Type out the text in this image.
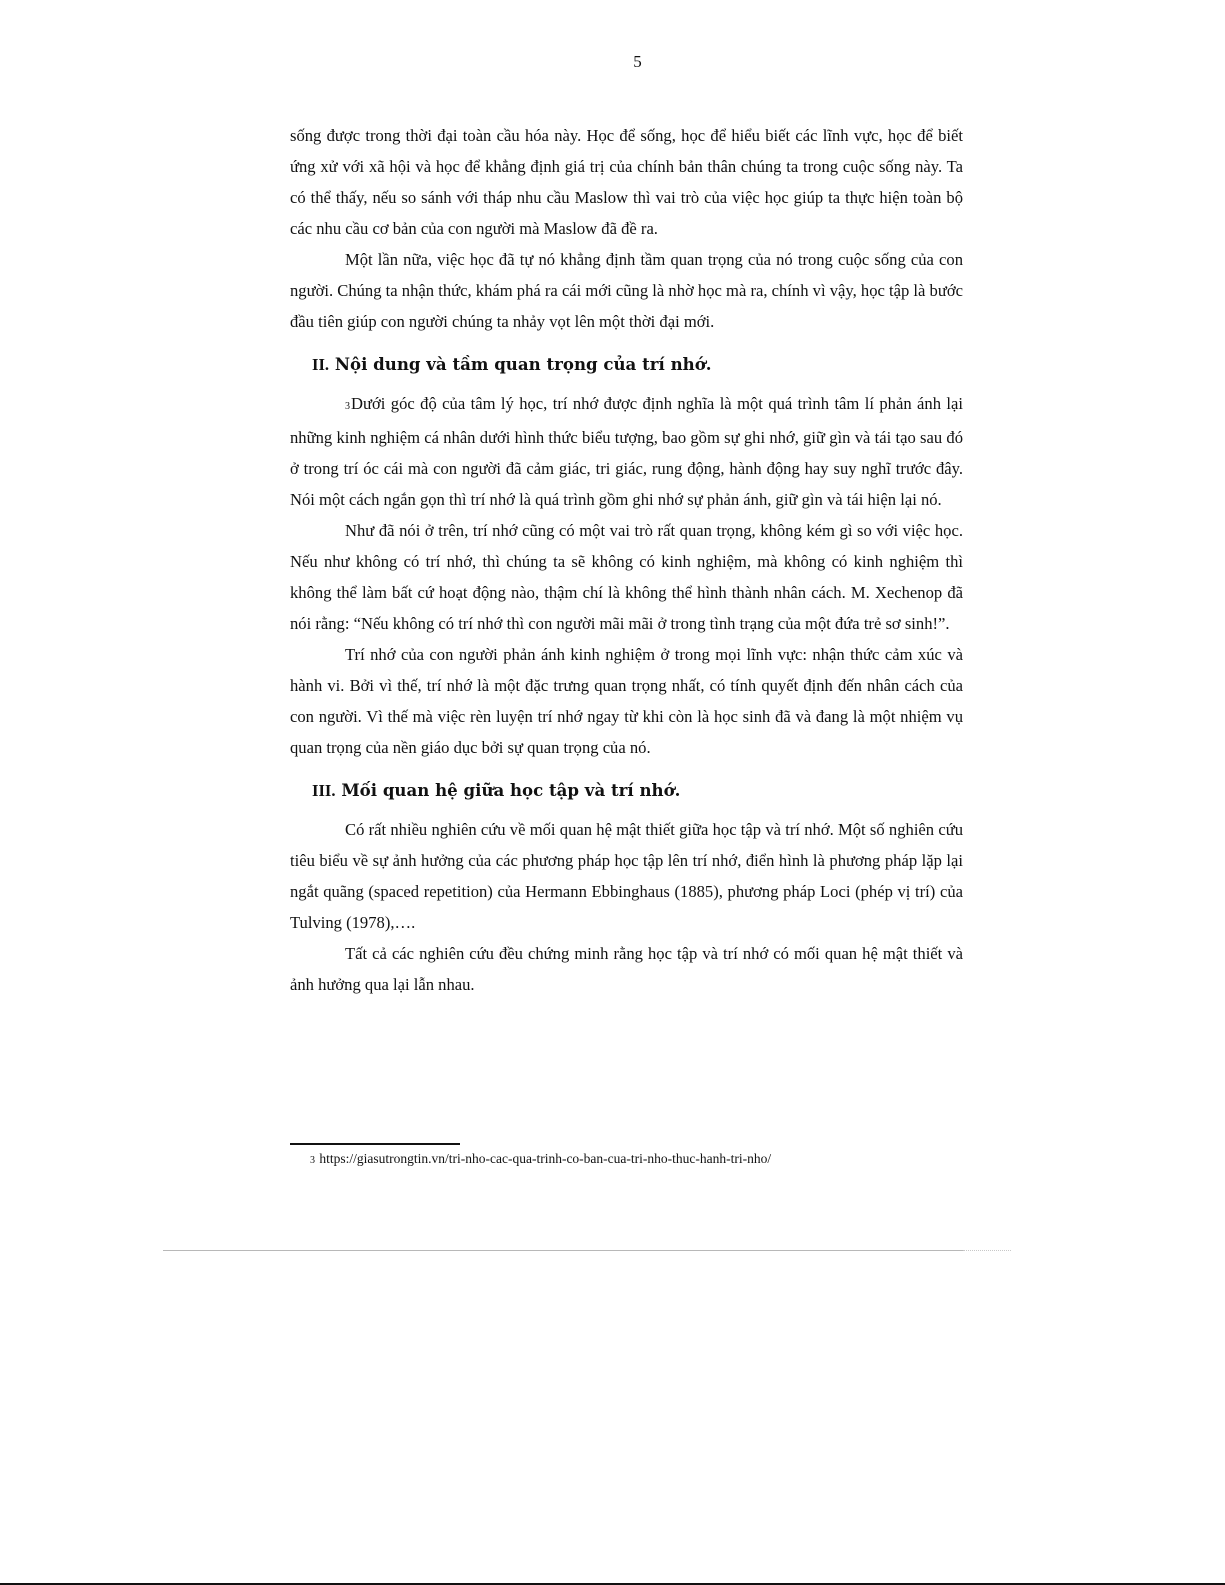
5

sống được trong thời đại toàn cầu hóa này. Học để sống, học để hiểu biết các lĩnh vực, học để biết ứng xử với xã hội và học để khẳng định giá trị của chính bản thân chúng ta trong cuộc sống này. Ta có thể thấy, nếu so sánh với tháp nhu cầu Maslow thì vai trò của việc học giúp ta thực hiện toàn bộ các nhu cầu cơ bản của con người mà Maslow đã đề ra.

Một lần nữa, việc học đã tự nó khẳng định tầm quan trọng của nó trong cuộc sống của con người. Chúng ta nhận thức, khám phá ra cái mới cũng là nhờ học mà ra, chính vì vậy, học tập là bước đầu tiên giúp con người chúng ta nhảy vọt lên một thời đại mới.

II. Nội dung và tầm quan trọng của trí nhớ.

3Dưới góc độ của tâm lý học, trí nhớ được định nghĩa là một quá trình tâm lí phản ánh lại những kinh nghiệm cá nhân dưới hình thức biểu tượng, bao gồm sự ghi nhớ, giữ gìn và tái tạo sau đó ở trong trí óc cái mà con người đã cảm giác, tri giác, rung động, hành động hay suy nghĩ trước đây. Nói một cách ngắn gọn thì trí nhớ là quá trình gồm ghi nhớ sự phản ánh, giữ gìn và tái hiện lại nó.

Như đã nói ở trên, trí nhớ cũng có một vai trò rất quan trọng, không kém gì so với việc học. Nếu như không có trí nhớ, thì chúng ta sẽ không có kinh nghiệm, mà không có kinh nghiệm thì không thể làm bất cứ hoạt động nào, thậm chí là không thể hình thành nhân cách. M. Xechenop đã nói rằng: “Nếu không có trí nhớ thì con người mãi mãi ở trong tình trạng của một đứa trẻ sơ sinh!”.

Trí nhớ của con người phản ánh kinh nghiệm ở trong mọi lĩnh vực: nhận thức cảm xúc và hành vi. Bởi vì thế, trí nhớ là một đặc trưng quan trọng nhất, có tính quyết định đến nhân cách của con người. Vì thế mà việc rèn luyện trí nhớ ngay từ khi còn là học sinh đã và đang là một nhiệm vụ quan trọng của nền giáo dục bởi sự quan trọng của nó.

III. Mối quan hệ giữa học tập và trí nhớ.

Có rất nhiều nghiên cứu về mối quan hệ mật thiết giữa học tập và trí nhớ. Một số nghiên cứu tiêu biểu về sự ảnh hưởng của các phương pháp học tập lên trí nhớ, điển hình là phương pháp lặp lại ngắt quãng (spaced repetition) của Hermann Ebbinghaus (1885), phương pháp Loci (phép vị trí) của Tulving (1978),….

Tất cả các nghiên cứu đều chứng minh rằng học tập và trí nhớ có mối quan hệ mật thiết và ảnh hưởng qua lại lẫn nhau.

3 https://giasutrongtin.vn/tri-nho-cac-qua-trinh-co-ban-cua-tri-nho-thuc-hanh-tri-nho/
